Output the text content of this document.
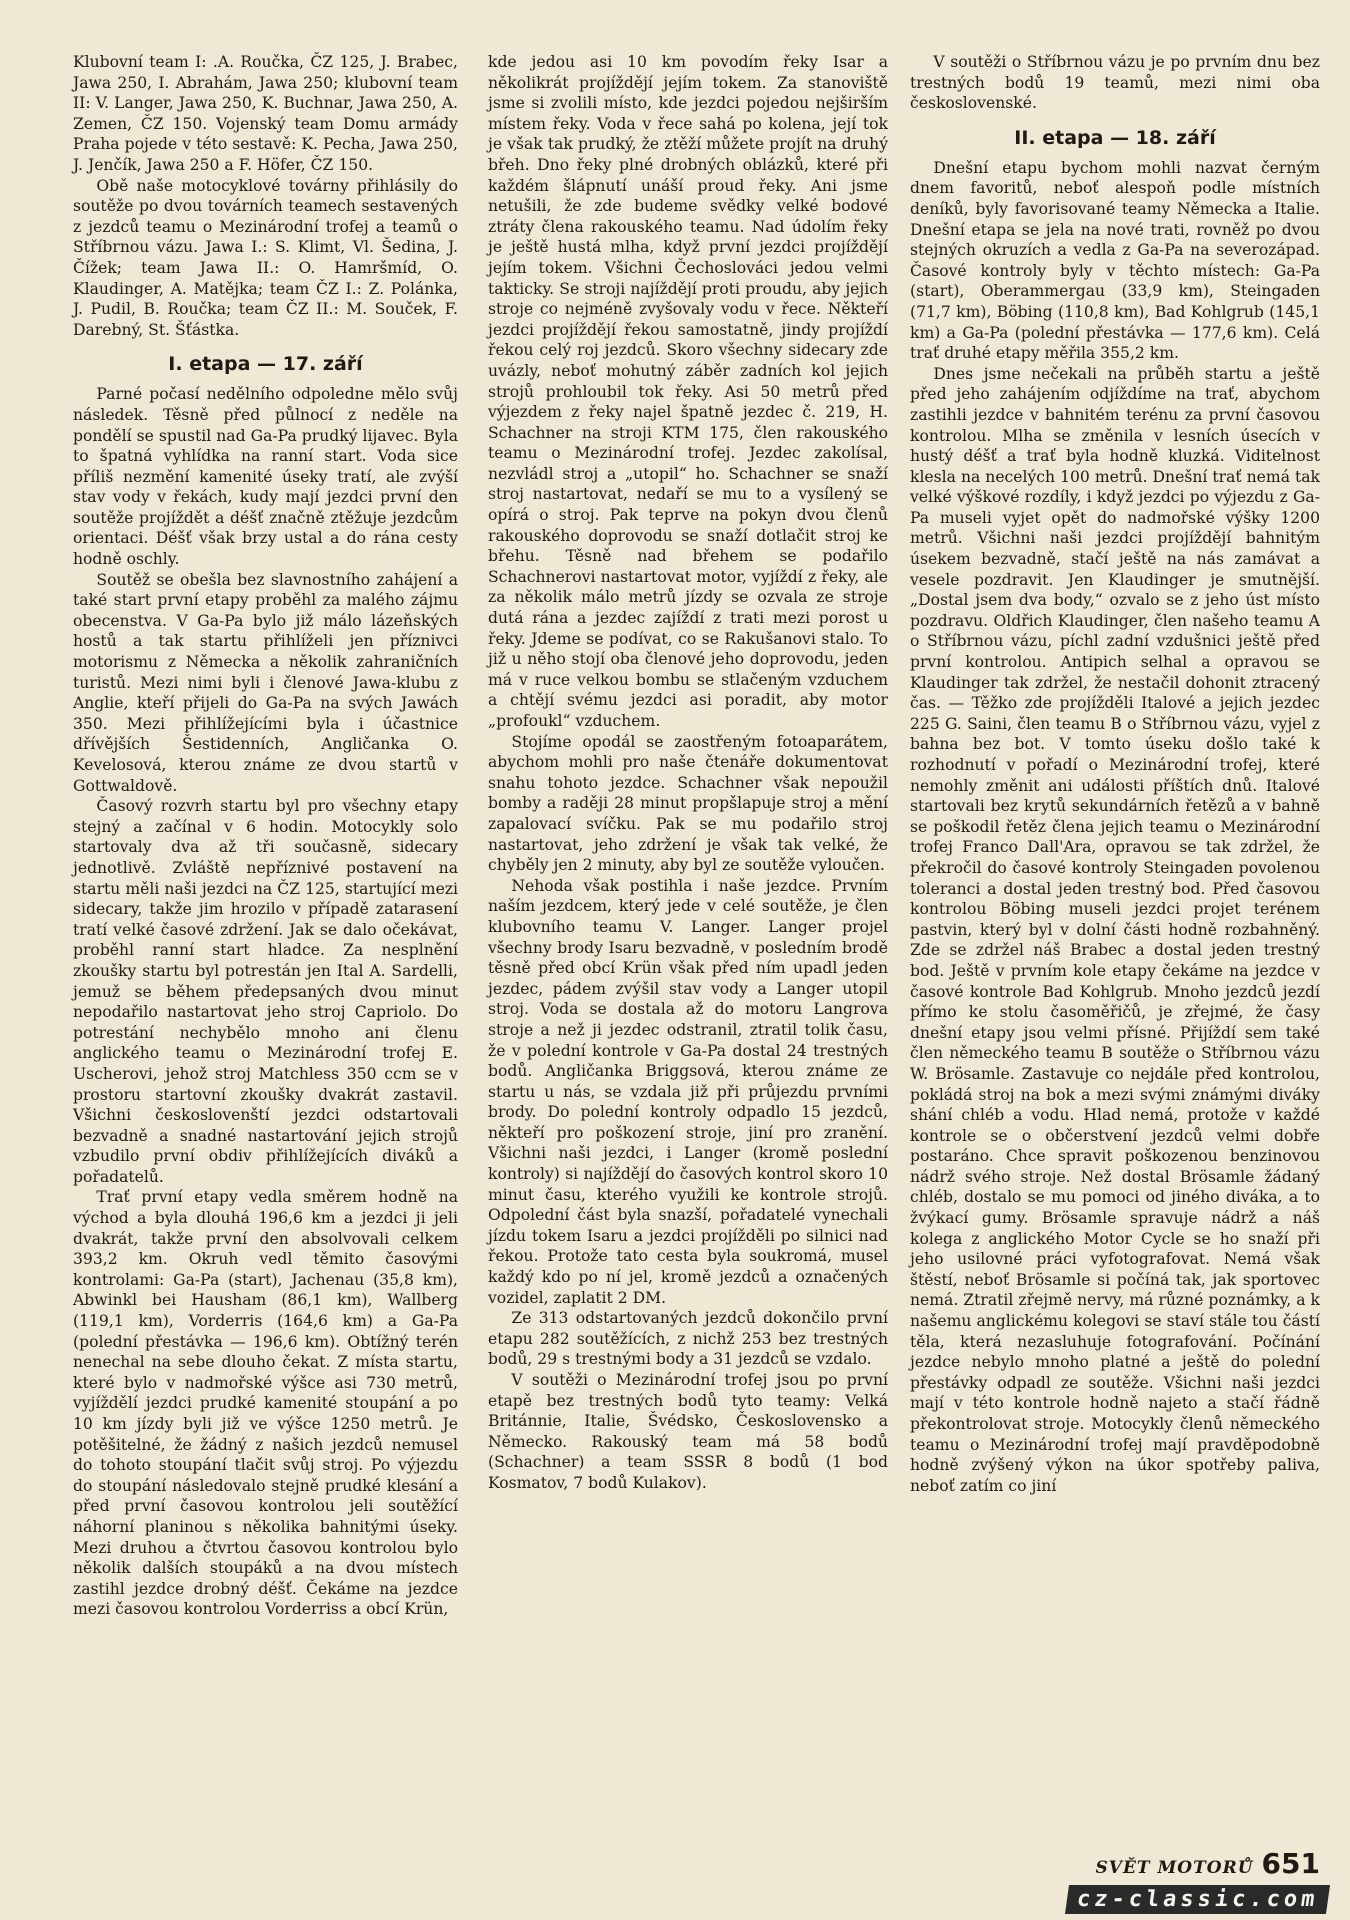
Klubovní team I: .A. Roučka, ČZ 125, J. Brabec, Jawa 250, I. Abrahám, Jawa 250; klubovní team II: V. Langer, Jawa 250, K. Buchnar, Jawa 250, A. Zemen, ČZ 150. Vojenský team Domu armády Praha pojede v této sestavě: K. Pecha, Jawa 250, J. Jenčík, Jawa 250 a F. Höfer, ČZ 150.

Obě naše motocyklové továrny přihlásily do soutěže po dvou továrních teamech sestavených z jezdců teamu o Mezinárodní trofej a teamů o Stříbrnou vázu. Jawa I.: S. Klimt, Vl. Šedina, J. Čížek; team Jawa II.: O. Hamršmíd, O. Klaudinger, A. Matějka; team ČZ I.: Z. Polánka, J. Pudil, B. Roučka; team ČZ II.: M. Souček, F. Darebný, St. Šťástka.

I. etapa — 17. září

Parné počasí nedělního odpoledne mělo svůj následek. Těsně před půlnocí z neděle na pondělí se spustil nad Ga-Pa prudký lijavec. Byla to špatná vyhlídka na ranní start. Voda sice příliš nezmění kamenité úseky tratí, ale zvýší stav vody v řekách, kudy mají jezdci první den soutěže projíždět a déšť značně ztěžuje jezdcům orientaci. Déšť však brzy ustal a do rána cesty hodně oschly.

Soutěž se obešla bez slavnostního zahájení a také start první etapy proběhl za malého zájmu obecenstva. V Ga-Pa bylo již málo lázeňských hostů a tak startu přihlíželi jen příznivci motorismu z Německa a několik zahraničních turistů. Mezi nimi byli i členové Jawa-klubu z Anglie, kteří přijeli do Ga-Pa na svých Jawách 350. Mezi přihlížejícími byla i účastnice dřívějších Šestidenních, Angličanka O. Kevelosová, kterou známe ze dvou startů v Gottwaldově.

Časový rozvrh startu byl pro všechny etapy stejný a začínal v 6 hodin. Motocykly solo startovaly dva až tři současně, sidecary jednotlivě. Zvláště nepříznivé postavení na startu měli naši jezdci na ČZ 125, startující mezi sidecary, takže jim hrozilo v případě zatarasení tratí velké časové zdržení. Jak se dalo očekávat, proběhl ranní start hladce. Za nesplnění zkoušky startu byl potrestán jen Ital A. Sardelli, jemuž se během předepsaných dvou minut nepodařilo nastartovat jeho stroj Capriolo. Do potrestání nechybělo mnoho ani členu anglického teamu o Mezinárodní trofej E. Uscherovi, jehož stroj Matchless 350 ccm se v prostoru startovní zkoušky dvakrát zastavil. Všichni českoslovenští jezdci odstartovali bezvadně a snadné nastartování jejich strojů vzbudilo první obdiv přihlížejících diváků a pořadatelů.

Trať první etapy vedla směrem hodně na východ a byla dlouhá 196,6 km a jezdci ji jeli dvakrát, takže první den absolvovali celkem 393,2 km. Okruh vedl těmito časovými kontrolami: Ga-Pa (start), Jachenau (35,8 km), Abwinkl bei Hausham (86,1 km), Wallberg (119,1 km), Vorderris (164,6 km) a Ga-Pa (polední přestávka — 196,6 km). Obtížný terén nenechal na sebe dlouho čekat. Z místa startu, které bylo v nadmořské výšce asi 730 metrů, vyjíždělí jezdci prudké kamenité stoupání a po 10 km jízdy byli již ve výšce 1250 metrů. Je potěšitelné, že žádný z našich jezdců nemusel do tohoto stoupání tlačit svůj stroj. Po výjezdu do stoupání následovalo stejně prudké klesání a před první časovou kontrolou jeli soutěžící náhorní planinou s několika bahnitými úseky. Mezi druhou a čtvrtou časovou kontrolou bylo několik dalších stoupáků a na dvou místech zastihl jezdce drobný déšť. Čekáme na jezdce mezi časovou kontrolou Vorderriss a obcí Krün,

kde jedou asi 10 km povodím řeky Isar a několikrát projíždějí jejím tokem. Za stanoviště jsme si zvolili místo, kde jezdci pojedou nejširším místem řeky. Voda v řece sahá po kolena, její tok je však tak prudký, že ztěží můžete projít na druhý břeh. Dno řeky plné drobných oblázků, které při každém šlápnutí unáší proud řeky. Ani jsme netušili, že zde budeme svědky velké bodové ztráty člena rakouského teamu. Nad údolím řeky je ještě hustá mlha, když první jezdci projíždějí jejím tokem. Všichni Čechoslováci jedou velmi takticky. Se stroji najíždějí proti proudu, aby jejich stroje co nejméně zvyšovaly vodu v řece. Někteří jezdci projíždějí řekou samostatně, jindy projíždí řekou celý roj jezdců. Skoro všechny sidecary zde uvázly, neboť mohutný záběr zadních kol jejich strojů prohloubil tok řeky. Asi 50 metrů před výjezdem z řeky najel špatně jezdec č. 219, H. Schachner na stroji KTM 175, člen rakouského teamu o Mezinárodní trofej. Jezdec zakolísal, nezvládl stroj a „utopil“ ho. Schachner se snaží stroj nastartovat, nedaří se mu to a vysílený se opírá o stroj. Pak teprve na pokyn dvou členů rakouského doprovodu se snaží dotlačit stroj ke břehu. Těsně nad břehem se podařilo Schachnerovi nastartovat motor, vyjíždí z řeky, ale za několik málo metrů jízdy se ozvala ze stroje dutá rána a jezdec zajíždí z trati mezi porost u řeky. Jdeme se podívat, co se Rakušanovi stalo. To již u něho stojí oba členové jeho doprovodu, jeden má v ruce velkou bombu se stlačeným vzduchem a chtějí svému jezdci asi poradit, aby motor „profoukl“ vzduchem.

Stojíme opodál se zaostřeným fotoaparátem, abychom mohli pro naše čtenáře dokumentovat snahu tohoto jezdce. Schachner však nepoužil bomby a raději 28 minut propšlapuje stroj a mění zapalovací svíčku. Pak se mu podařilo stroj nastartovat, jeho zdržení je však tak velké, že chyběly jen 2 minuty, aby byl ze soutěže vyloučen.

Nehoda však postihla i naše jezdce. Prvním naším jezdcem, který jede v celé soutěže, je člen klubovního teamu V. Langer. Langer projel všechny brody Isaru bezvadně, v posledním brodě těsně před obcí Krün však před ním upadl jeden jezdec, pádem zvýšil stav vody a Langer utopil stroj. Voda se dostala až do motoru Langrova stroje a než ji jezdec odstranil, ztratil tolik času, že v polední kontrole v Ga-Pa dostal 24 trestných bodů. Angličanka Briggsová, kterou známe ze startu u nás, se vzdala již při průjezdu prvními brody. Do polední kontroly odpadlo 15 jezdců, někteří pro poškození stroje, jiní pro zranění. Všichni naši jezdci, i Langer (kromě poslední kontroly) si najíždějí do časových kontrol skoro 10 minut času, kterého využili ke kontrole strojů. Odpolední část byla snazší, pořadatelé vynechali jízdu tokem Isaru a jezdci projížděli po silnici nad řekou. Protože tato cesta byla soukromá, musel každý kdo po ní jel, kromě jezdců a označených vozidel, zaplatit 2 DM.

Ze 313 odstartovaných jezdců dokončilo první etapu 282 soutěžících, z nichž 253 bez trestných bodů, 29 s trestnými body a 31 jezdců se vzdalo.

V soutěži o Mezinárodní trofej jsou po první etapě bez trestných bodů tyto teamy: Velká Británnie, Italie, Švédsko, Československo a Německo. Rakouský team má 58 bodů (Schachner) a team SSSR 8 bodů (1 bod Kosmatov, 7 bodů Kulakov).

V soutěži o Stříbrnou vázu je po prvním dnu bez trestných bodů 19 teamů, mezi nimi oba československé.

II. etapa — 18. září

Dnešní etapu bychom mohli nazvat černým dnem favoritů, neboť alespoň podle místních deníků, byly favorisované teamy Německa a Italie. Dnešní etapa se jela na nové trati, rovněž po dvou stejných okruzích a vedla z Ga-Pa na severozápad. Časové kontroly byly v těchto místech: Ga-Pa (start), Oberammergau (33,9 km), Steingaden (71,7 km), Böbing (110,8 km), Bad Kohlgrub (145,1 km) a Ga-Pa (polední přestávka — 177,6 km). Celá trať druhé etapy měřila 355,2 km.

Dnes jsme nečekali na průběh startu a ještě před jeho zahájením odjíždíme na trať, abychom zastihli jezdce v bahnitém terénu za první časovou kontrolou. Mlha se změnila v lesních úsecích v hustý déšť a trať byla hodně kluzká. Viditelnost klesla na necelých 100 metrů. Dnešní trať nemá tak velké výškové rozdíly, i když jezdci po výjezdu z Ga-Pa museli vyjet opět do nadmořské výšky 1200 metrů. Všichni naši jezdci projíždějí bahnitým úsekem bezvadně, stačí ještě na nás zamávat a vesele pozdravit. Jen Klaudinger je smutnější. „Dostal jsem dva body,“ ozvalo se z jeho úst místo pozdravu. Oldřich Klaudinger, člen našeho teamu A o Stříbrnou vázu, píchl zadní vzdušnici ještě před první kontrolou. Antipich selhal a opravou se Klaudinger tak zdržel, že nestačil dohonit ztracený čas. — Těžko zde projížděli Italové a jejich jezdec 225 G. Saini, člen teamu B o Stříbrnou vázu, vyjel z bahna bez bot. V tomto úseku došlo také k rozhodnutí v pořadí o Mezinárodní trofej, které nemohly změnit ani události příštích dnů. Italové startovali bez krytů sekundárních řetězů a v bahně se poškodil řetěz člena jejich teamu o Mezinárodní trofej Franco Dall'Ara, opravou se tak zdržel, že překročil do časové kontroly Steingaden povolenou toleranci a dostal jeden trestný bod. Před časovou kontrolou Böbing museli jezdci projet terénem pastvin, který byl v dolní části hodně rozbahněný. Zde se zdržel náš Brabec a dostal jeden trestný bod. Ještě v prvním kole etapy čekáme na jezdce v časové kontrole Bad Kohlgrub. Mnoho jezdců jezdí přímo ke stolu časoměřičů, je zřejmé, že časy dnešní etapy jsou velmi přísné. Přijíždí sem také člen německého teamu B soutěže o Stříbrnou vázu W. Brösamle. Zastavuje co nejdále před kontrolou, pokládá stroj na bok a mezi svými známými diváky shání chléb a vodu. Hlad nemá, protože v každé kontrole se o občerstvení jezdců velmi dobře postaráno. Chce spravit poškozenou benzinovou nádrž svého stroje. Než dostal Brösamle žádaný chléb, dostalo se mu pomoci od jiného diváka, a to žvýkací gumy. Brösamle spravuje nádrž a náš kolega z anglického Motor Cycle se ho snaží při jeho usilovné práci vyfotografovat. Nemá však štěstí, neboť Brösamle si počíná tak, jak sportovec nemá. Ztratil zřejmě nervy, má různé poznámky, a k našemu anglickému kolegovi se staví stále tou částí těla, která nezasluhuje fotografování. Počínání jezdce nebylo mnoho platné a ještě do polední přestávky odpadl ze soutěže. Všichni naši jezdci mají v této kontrole hodně najeto a stačí řádně překontrolovat stroje. Motocykly členů německého teamu o Mezinárodní trofej mají pravděpodobně hodně zvýšený výkon na úkor spotřeby paliva, neboť zatím co jiní

SVĚT MOTORŮ 651
cz-classic.com
